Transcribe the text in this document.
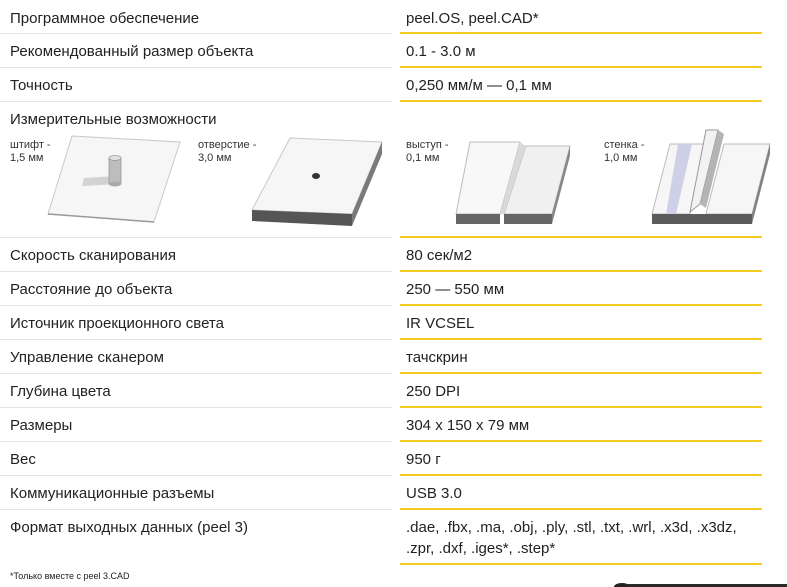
Программное обеспечение	peel.OS, peel.CAD*
Рекомендованный размер объекта	0.1 - 3.0 м
Точность	0,250 мм/м — 0,1 мм
Измерительные возможности
штифт -
1,5 мм
отверстие -
3,0 мм
выступ -
0,1 мм
стенка -
1,0 мм
Скорость сканирования	80 сек/м2
Расстояние до объекта	250 — 550 мм
Источник проекционного света	IR VCSEL
Управление сканером	тачскрин
Глубина цвета	250 DPI
Размеры	304 x 150 x 79 мм
Вес	950 г
Коммуникационные разъемы	USB 3.0
Формат выходных данных (peel 3)	.dae, .fbx, .ma, .obj, .ply, .stl, .txt, .wrl, .x3d, .x3dz,
.zpr, .dxf, .iges*, .step*
*Только вместе с peel 3.CAD
